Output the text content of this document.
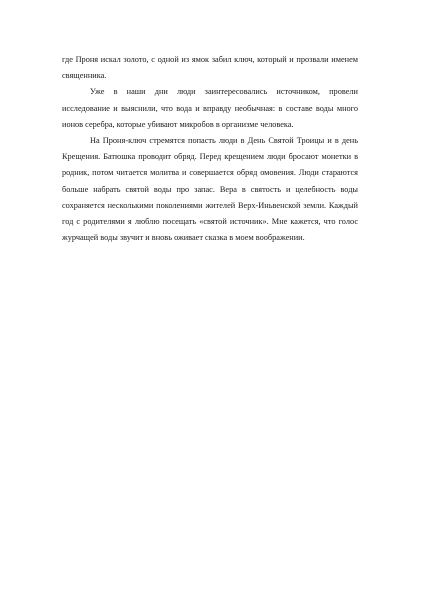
где Проня искал золото, с одной из ямок забил ключ, который и прозвали именем священника.

Уже в наши дни люди заинтересовались источником, провели исследование и выяснили, что вода и вправду необычная: в составе воды много ионов серебра, которые убивают микробов в организме человека.

На Проня-ключ стремятся попасть люди в День Святой Троицы и в день Крещения. Батюшка проводит обряд. Перед крещением люди бросают монетки в родник, потом читается молитва и совершается обряд омовения. Люди стараются больше набрать святой воды про запас. Вера в святость и целебность воды сохраняется несколькими поколениями жителей Верх-Иньвенской земли. Каждый год с родителями я люблю посещать «святой источник». Мне кажется, что голос журчащей воды звучит и вновь оживает сказка в моем воображении.
